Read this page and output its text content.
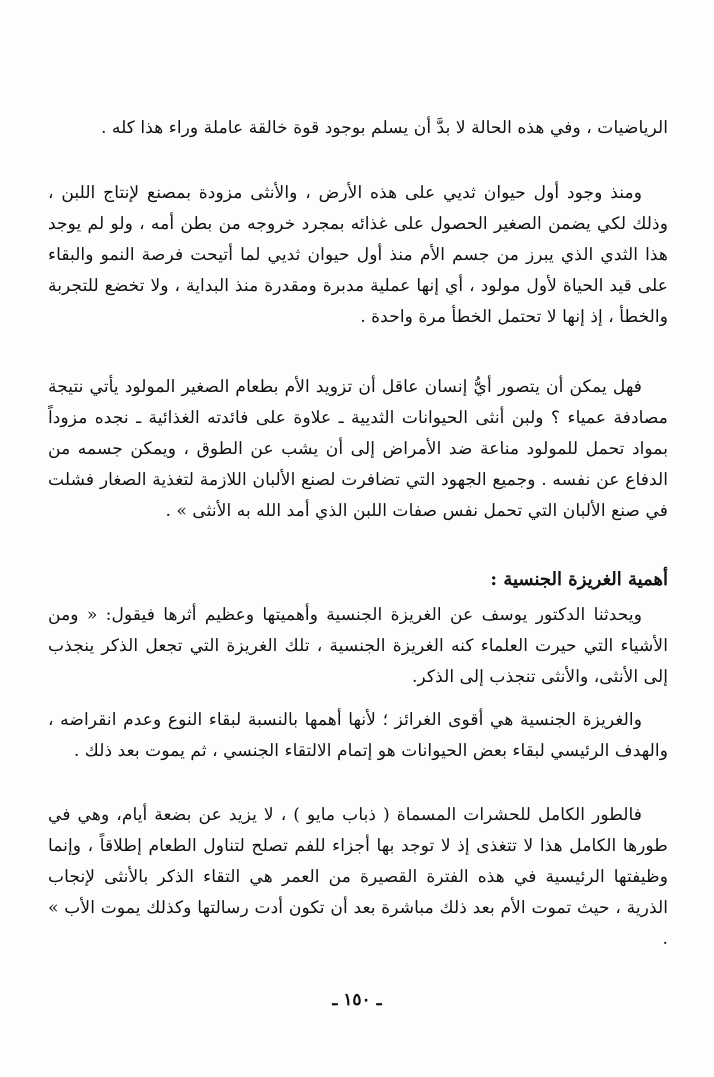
الرياضيات ، وفي هذه الحالة لا بدَّ أن يسلم بوجود قوة خالقة عاملة وراء هذا كله .

ومنذ وجود أول حيوان ثديي على هذه الأرض ، والأنثى مزودة بمصنع لإنتاج اللبن ، وذلك لكي يضمن الصغير الحصول على غذائه بمجرد خروجه من بطن أمه ، ولو لم يوجد هذا الثدي الذي يبرز من جسم الأم منذ أول حيوان ثديي لما أتيحت فرصة النمو والبقاء على قيد الحياة لأول مولود ، أي إنها عملية مدبرة ومقدرة منذ البداية ، ولا تخضع للتجربة والخطأ ، إذ إنها لا تحتمل الخطأ مرة واحدة .

فهل يمكن أن يتصور أيُّ إنسان عاقل أن تزويد الأم بطعام الصغير المولود يأتي نتيجة مصادفة عمياء ؟ ولبن أنثى الحيوانات الثديية ـ علاوة على فائدته الغذائية ـ نجده مزوداً بمواد تحمل للمولود مناعة ضد الأمراض إلى أن يشب عن الطوق ، ويمكن جسمه من الدفاع عن نفسه . وجميع الجهود التي تضافرت لصنع الألبان اللازمة لتغذية الصغار فشلت في صنع الألبان التي تحمل نفس صفات اللبن الذي أمد الله به الأنثى » .

أهمية الغريزة الجنسية :

ويحدثنا الدكتور يوسف عن الغريزة الجنسية وأهميتها وعظيم أثرها فيقول: « ومن الأشياء التي حيرت العلماء كنه الغريزة الجنسية ، تلك الغريزة التي تجعل الذكر ينجذب إلى الأنثى، والأنثى تنجذب إلى الذكر.

والغريزة الجنسية هي أقوى الغرائز ؛ لأنها أهمها بالنسبة لبقاء النوع وعدم انقراضه ، والهدف الرئيسي لبقاء بعض الحيوانات هو إتمام الالتقاء الجنسي ، ثم يموت بعد ذلك .

فالطور الكامل للحشرات المسماة ( ذباب مايو ) ، لا يزيد عن بضعة أيام، وهي في طورها الكامل هذا لا تتغذى إذ لا توجد بها أجزاء للفم تصلح لتناول الطعام إطلاقاً ، وإنما وظيفتها الرئيسية في هذه الفترة القصيرة من العمر هي التقاء الذكر بالأنثى لإنجاب الذرية ، حيث تموت الأم بعد ذلك مباشرة بعد أن تكون أدت رسالتها وكذلك يموت الأب » .

ـ ١٥٠ ـ
